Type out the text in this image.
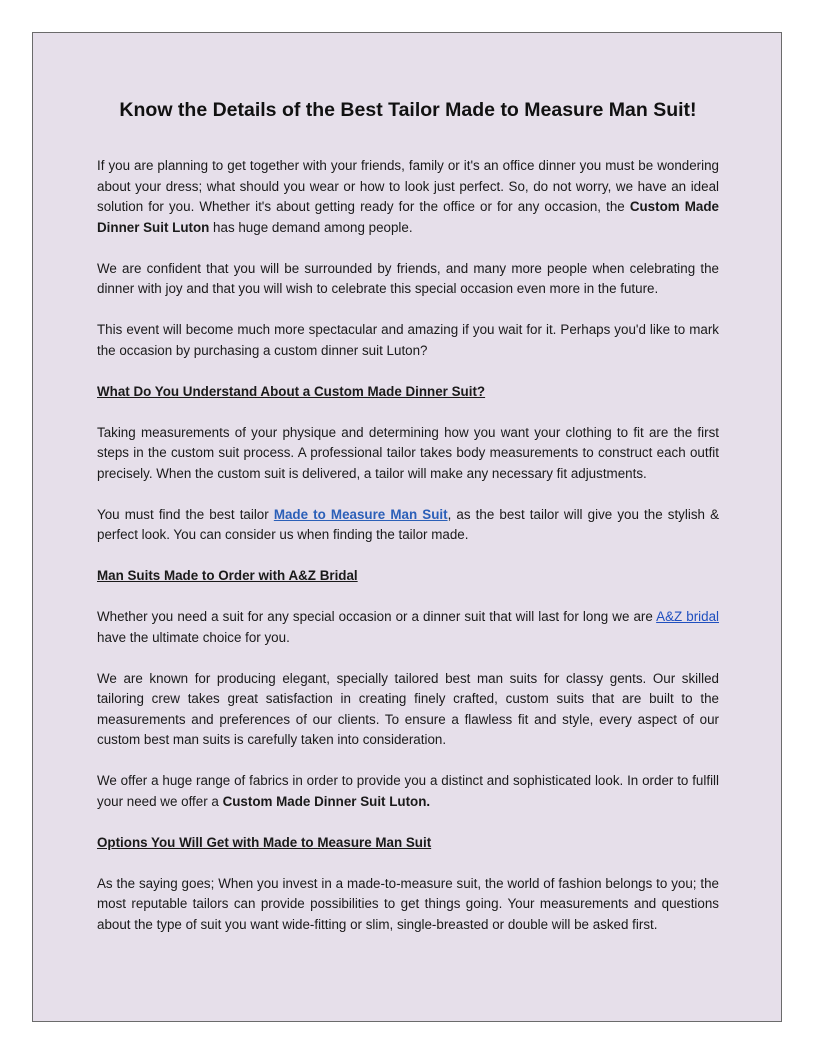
Know the Details of the Best Tailor Made to Measure Man Suit!

If you are planning to get together with your friends, family or it's an office dinner you must be wondering about your dress; what should you wear or how to look just perfect. So, do not worry, we have an ideal solution for you. Whether it's about getting ready for the office or for any occasion, the Custom Made Dinner Suit Luton has huge demand among people.

We are confident that you will be surrounded by friends, and many more people when celebrating the dinner with joy and that you will wish to celebrate this special occasion even more in the future.

This event will become much more spectacular and amazing if you wait for it. Perhaps you'd like to mark the occasion by purchasing a custom dinner suit Luton?

What Do You Understand About a Custom Made Dinner Suit?

Taking measurements of your physique and determining how you want your clothing to fit are the first steps in the custom suit process. A professional tailor takes body measurements to construct each outfit precisely. When the custom suit is delivered, a tailor will make any necessary fit adjustments.

You must find the best tailor Made to Measure Man Suit, as the best tailor will give you the stylish & perfect look. You can consider us when finding the tailor made.

Man Suits Made to Order with A&Z Bridal

Whether you need a suit for any special occasion or a dinner suit that will last for long we are A&Z bridal have the ultimate choice for you.

We are known for producing elegant, specially tailored best man suits for classy gents. Our skilled tailoring crew takes great satisfaction in creating finely crafted, custom suits that are built to the measurements and preferences of our clients. To ensure a flawless fit and style, every aspect of our custom best man suits is carefully taken into consideration.

We offer a huge range of fabrics in order to provide you a distinct and sophisticated look. In order to fulfill your need we offer a Custom Made Dinner Suit Luton.

Options You Will Get with Made to Measure Man Suit

As the saying goes; When you invest in a made-to-measure suit, the world of fashion belongs to you; the most reputable tailors can provide possibilities to get things going. Your measurements and questions about the type of suit you want wide-fitting or slim, single-breasted or double will be asked first.
